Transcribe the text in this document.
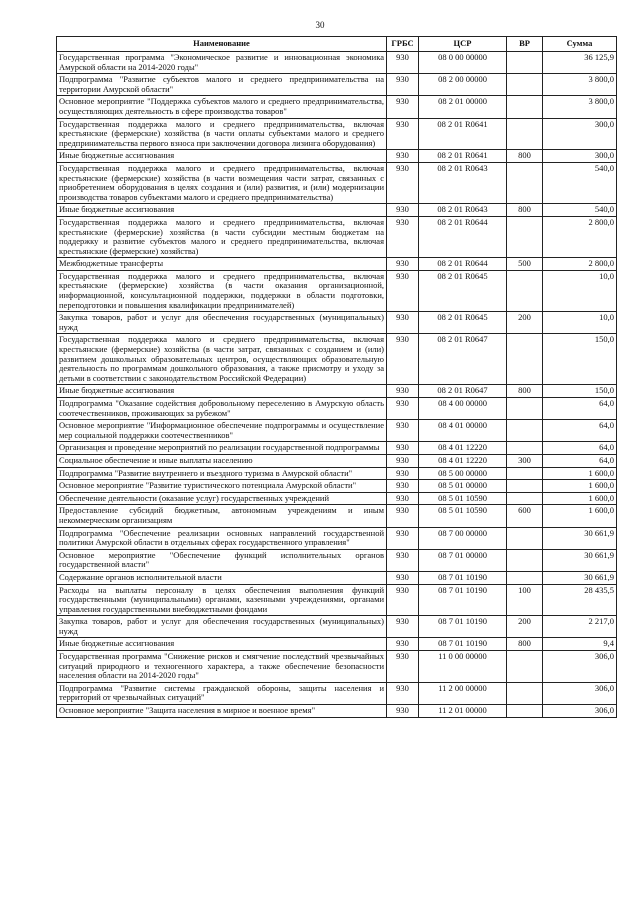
30
Наименование	ГРБС	ЦСР	ВР	Сумма
Государственная программа "Экономическое развитие и инновационная экономика Амурской области на 2014-2020 годы"	930	08 0 00 00000		36 125,9
Подпрограмма "Развитие субъектов малого и среднего предпринимательства на территории Амурской области"	930	08 2 00 00000		3 800,0
Основное мероприятие "Поддержка субъектов малого и среднего предпринимательства, осуществляющих деятельность в сфере производства товаров"	930	08 2 01 00000		3 800,0
Государственная поддержка малого и среднего предпринимательства, включая крестьянские (фермерские) хозяйства (в части оплаты субъектами малого и среднего предпринимательства первого взноса при заключении договора лизинга оборудования)	930	08 2 01 R0641		300,0
Иные бюджетные ассигнования	930	08 2 01 R0641	800	300,0
Государственная поддержка малого и среднего предпринимательства, включая крестьянские (фермерские) хозяйства (в части возмещения части затрат, связанных с приобретением оборудования в целях создания и (или) развития, и (или) модернизации производства товаров субъектами малого и среднего предпринимательства)	930	08 2 01 R0643		540,0
Иные бюджетные ассигнования	930	08 2 01 R0643	800	540,0
Государственная поддержка малого и среднего предпринимательства, включая крестьянские (фермерские) хозяйства (в части субсидии местным бюджетам на поддержку и развитие субъектов малого и среднего предпринимательства, включая крестьянские (фермерские) хозяйства)	930	08 2 01 R0644		2 800,0
Межбюджетные трансферты	930	08 2 01 R0644	500	2 800,0
Государственная поддержка малого и среднего предпринимательства, включая крестьянские (фермерские) хозяйства (в части оказания организационной, информационной, консультационной поддержки, поддержки в области подготовки, переподготовки и повышения квалификации предпринимателей)	930	08 2 01 R0645		10,0
Закупка товаров, работ и услуг для обеспечения государственных (муниципальных) нужд	930	08 2 01 R0645	200	10,0
Государственная поддержка малого и среднего предпринимательства, включая крестьянские (фермерские) хозяйства (в части затрат, связанных с созданием и (или) развитием дошкольных образовательных центров, осуществляющих образовательную деятельность по программам дошкольного образования, а также присмотру и уходу за детьми в соответствии с законодательством Российской Федерации)	930	08 2 01 R0647		150,0
Иные бюджетные ассигнования	930	08 2 01 R0647	800	150,0
Подпрограмма "Оказание содействия добровольному переселению в Амурскую область соотечественников, проживающих за рубежом"	930	08 4 00 00000		64,0
Основное мероприятие "Информационное обеспечение подпрограммы и осуществление мер социальной поддержки соотечественников"	930	08 4 01 00000		64,0
Организация и проведение мероприятий по реализации государственной подпрограммы	930	08 4 01 12220		64,0
Социальное обеспечение и иные выплаты населению	930	08 4 01 12220	300	64,0
Подпрограмма "Развитие внутреннего и въездного туризма в Амурской области"	930	08 5 00 00000		1 600,0
Основное мероприятие "Развитие туристического потенциала Амурской области"	930	08 5 01 00000		1 600,0
Обеспечение деятельности (оказание услуг) государственных учреждений	930	08 5 01 10590		1 600,0
Предоставление субсидий бюджетным, автономным учреждениям и иным некоммерческим организациям	930	08 5 01 10590	600	1 600,0
Подпрограмма "Обеспечение реализации основных направлений государственной политики Амурской области в отдельных сферах государственного управления"	930	08 7 00 00000		30 661,9
Основное мероприятие "Обеспечение функций исполнительных органов государственной власти"	930	08 7 01 00000		30 661,9
Содержание органов исполнительной власти	930	08 7 01 10190		30 661,9
Расходы на выплаты персоналу в целях обеспечения выполнения функций государственными (муниципальными) органами, казенными учреждениями, органами управления государственными внебюджетными фондами	930	08 7 01 10190	100	28 435,5
Закупка товаров, работ и услуг для обеспечения государственных (муниципальных) нужд	930	08 7 01 10190	200	2 217,0
Иные бюджетные ассигнования	930	08 7 01 10190	800	9,4
Государственная программа "Снижение рисков и смягчение последствий чрезвычайных ситуаций природного и техногенного характера, а также обеспечение безопасности населения области на 2014-2020 годы"	930	11 0 00 00000		306,0
Подпрограмма "Развитие системы гражданской обороны, защиты населения и территорий от чрезвычайных ситуаций"	930	11 2 00 00000		306,0
Основное мероприятие "Защита населения в мирное и военное время"	930	11 2 01 00000		306,0
